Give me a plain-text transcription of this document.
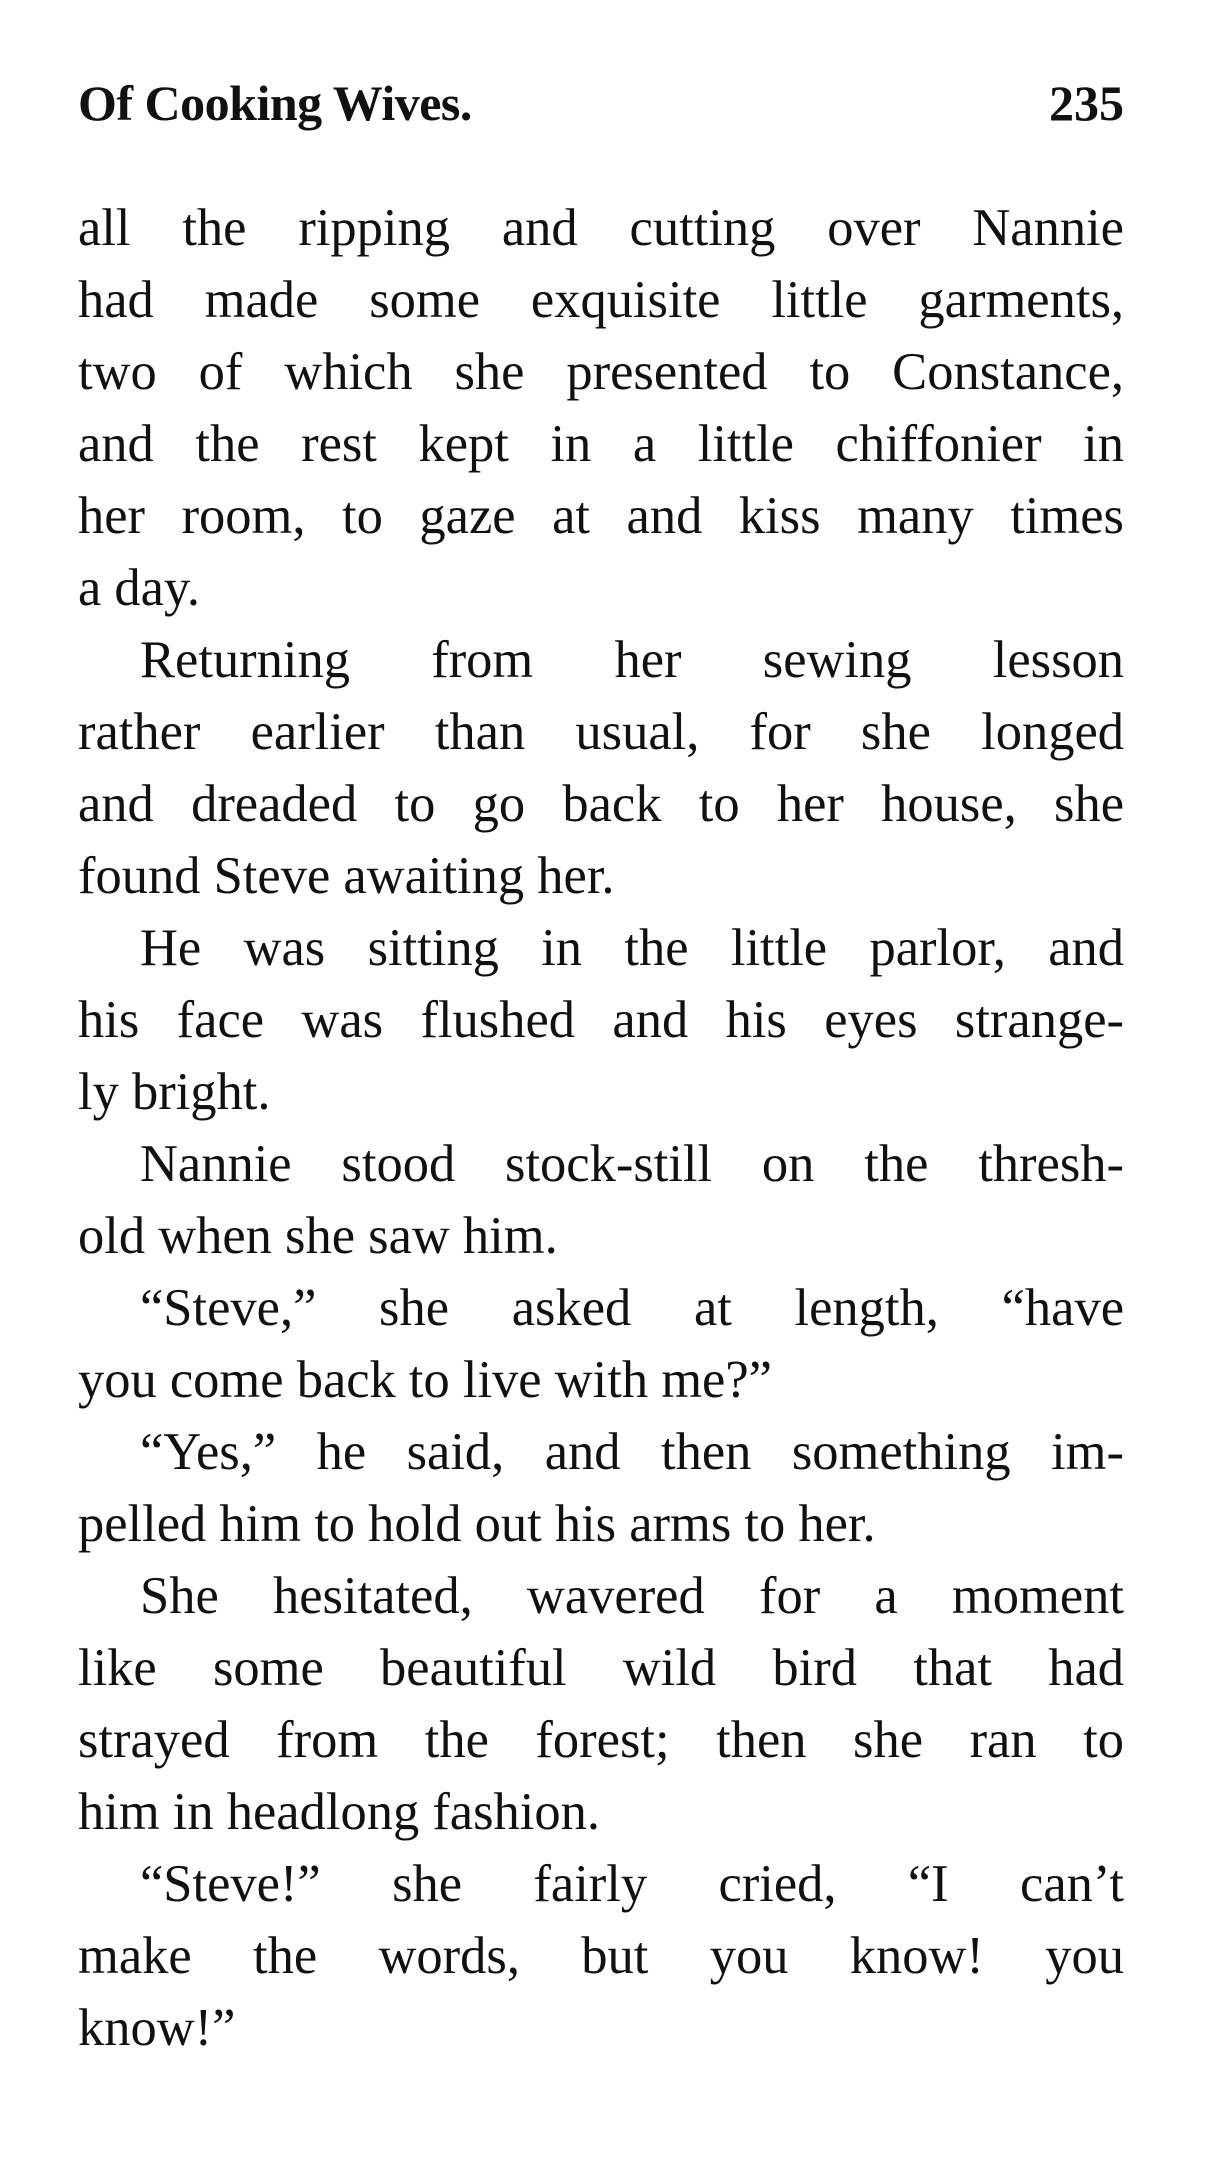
Of Cooking Wives.	235
all the ripping and cutting over Nannie
had made some exquisite little garments,
two of which she presented to Constance,
and the rest kept in a little chiffonier in
her room, to gaze at and kiss many times
a day.
Returning from her sewing lesson
rather earlier than usual, for she longed
and dreaded to go back to her house, she
found Steve awaiting her.
He was sitting in the little parlor, and
his face was flushed and his eyes strange-
ly bright.
Nannie stood stock-still on the thresh-
old when she saw him.
“Steve,” she asked at length, “have
you come back to live with me?”
“Yes,” he said, and then something im-
pelled him to hold out his arms to her.
She hesitated, wavered for a moment
like some beautiful wild bird that had
strayed from the forest; then she ran to
him in headlong fashion.
“Steve!” she fairly cried, “I can’t
make the words, but you know! you
know!”
